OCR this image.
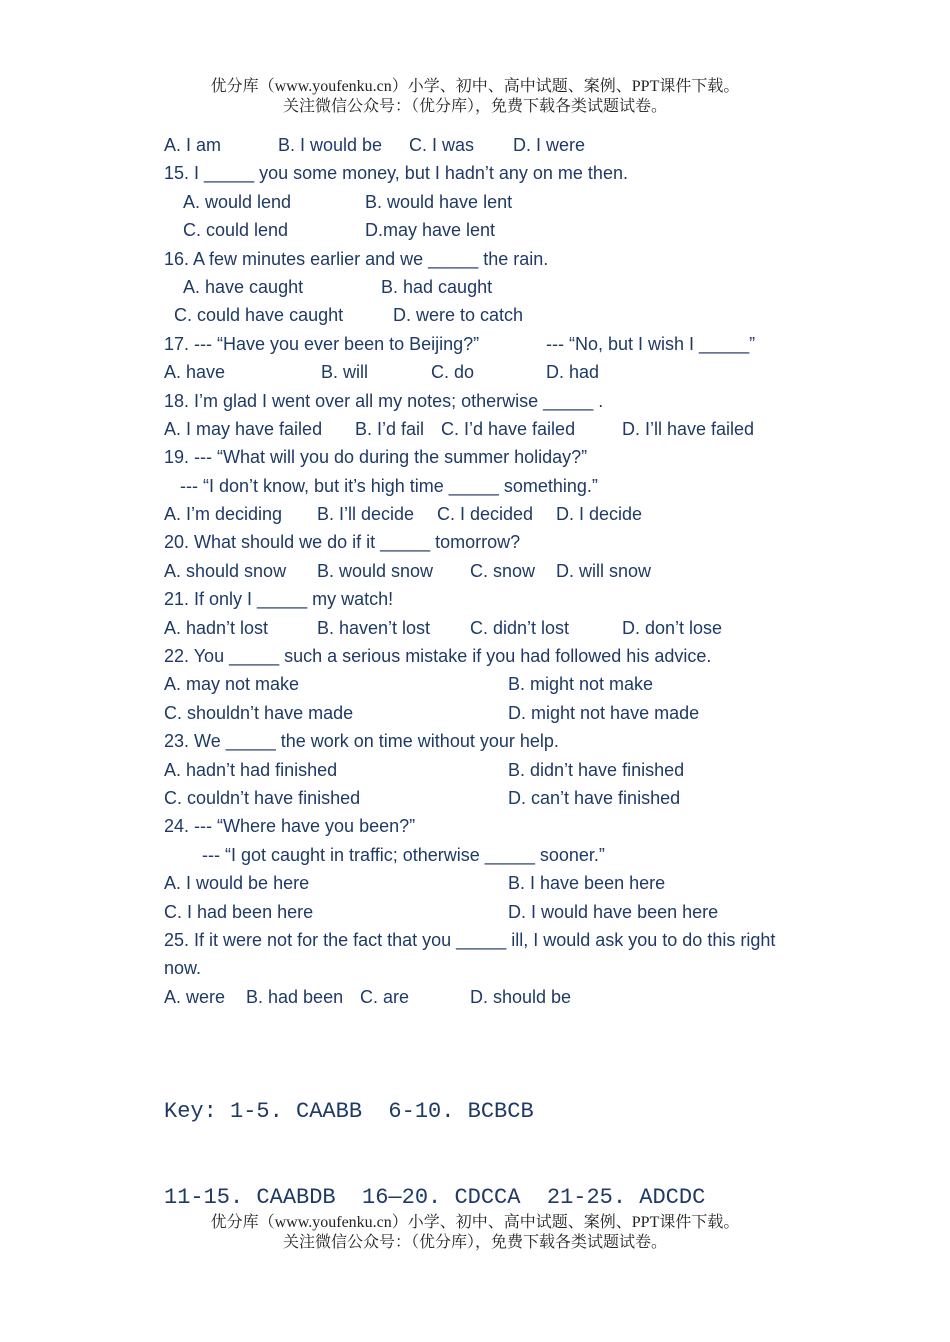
优分库（www.youfenku.cn）小学、初中、高中试题、案例、PPT课件下载。
关注微信公众号：（优分库），免费下载各类试题试卷。
A. I am	B. I would be C. I was D. I were
15. I _____ you some money, but I hadn’t any on me then.
A. would lend	B. would have lent
C. could lend	D.may have lent
16. A few minutes earlier and we _____ the rain.
A. have caught	B. had caught
C. could have caught	D. were to catch
17. --- “Have you ever been to Beijing?”	--- “No, but I wish I _____”
A. have	B. will	C. do	D. had
18. I’m glad I went over all my notes; otherwise _____ .
A. I may have failed B. I’d fail C. I’d have failed	D. I’ll have failed
19. --- “What will you do during the summer holiday?”
--- “I don’t know, but it’s high time _____ something.”
A. I’m deciding B. I’ll decide C. I decided D. I decide
20. What should we do if it _____ tomorrow?
A. should snow B. would snow C. snow D. will snow
21. If only I _____ my watch!
A. hadn’t lost	B. haven’t lost C. didn’t lost	D. don’t lose
22. You _____ such a serious mistake if you had followed his advice.
A. may not make	B. might not make
C. shouldn’t have made	D. might not have made
23. We _____ the work on time without your help.
A. hadn’t had finished	B. didn’t have finished
C. couldn’t have finished	D. can’t have finished
24. --- “Where have you been?”
--- “I got caught in traffic; otherwise _____ sooner.”
A. I would be here	B. I have been here
C. I had been here	D. I would have been here
25. If it were not for the fact that you _____ ill, I would ask you to do this right now.
A. were B. had been C. are	D. should be

Key: 1-5. CAABB  6-10. BCBCB

11-15. CAABDB  16—20. CDCCA  21-25. ADCDC

优分库（www.youfenku.cn）小学、初中、高中试题、案例、PPT课件下载。
关注微信公众号：（优分库），免费下载各类试题试卷。
